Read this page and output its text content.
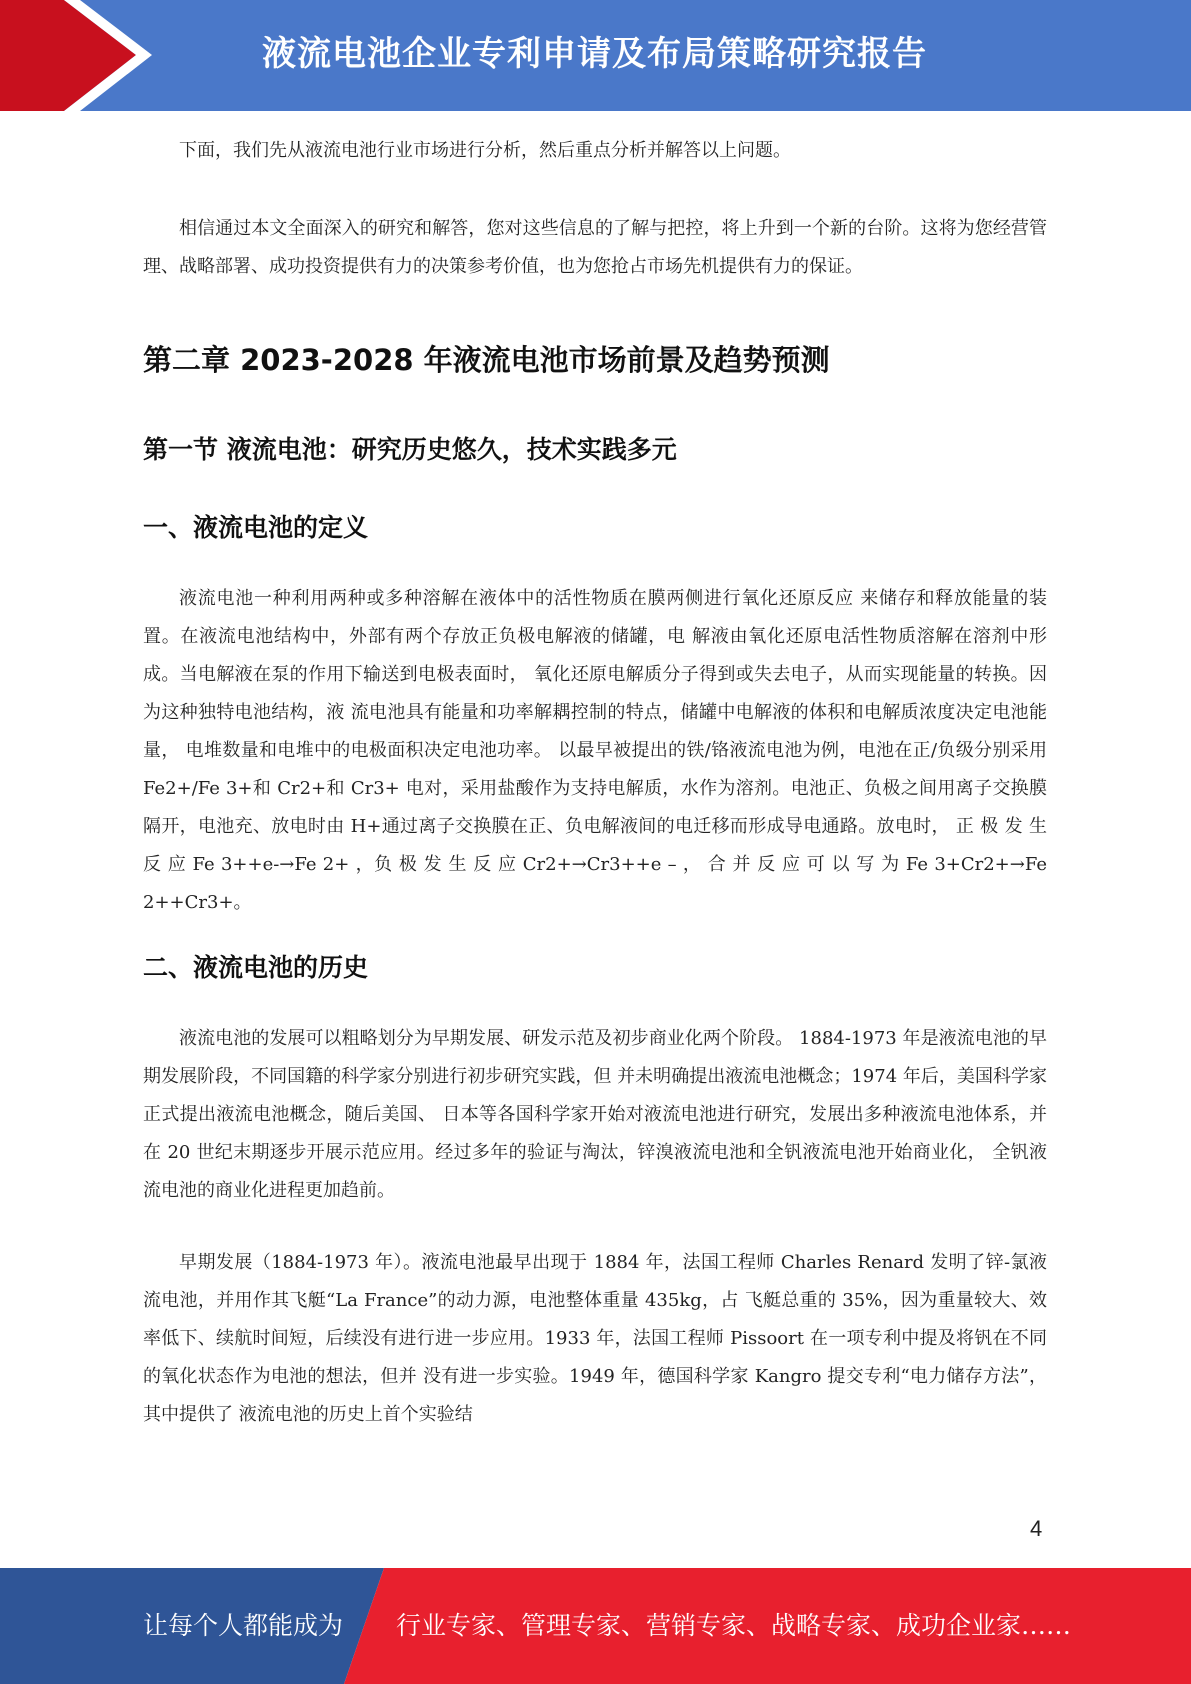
液流电池企业专利申请及布局策略研究报告

下面，我们先从液流电池行业市场进行分析，然后重点分析并解答以上问题。

相信通过本文全面深入的研究和解答，您对这些信息的了解与把控，将上升到一个新的台阶。这将为您经营管理、战略部署、成功投资提供有力的决策参考价值，也为您抢占市场先机提供有力的保证。

第二章 2023-2028 年液流电池市场前景及趋势预测
第一节 液流电池：研究历史悠久，技术实践多元
一、液流电池的定义

液流电池一种利用两种或多种溶解在液体中的活性物质在膜两侧进行氧化还原反应 来储存和释放能量的装置。在液流电池结构中，外部有两个存放正负极电解液的储罐，电 解液由氧化还原电活性物质溶解在溶剂中形成。当电解液在泵的作用下输送到电极表面时， 氧化还原电解质分子得到或失去电子，从而实现能量的转换。因为这种独特电池结构，液 流电池具有能量和功率解耦控制的特点，储罐中电解液的体积和电解质浓度决定电池能量， 电堆数量和电堆中的电极面积决定电池功率。 以最早被提出的铁/铬液流电池为例，电池在正/负级分别采用 Fe2+/Fe 3+和 Cr2+和 Cr3+ 电对，采用盐酸作为支持电解质，水作为溶剂。电池正、负极之间用离子交换膜隔开，电池充、放电时由 H+通过离子交换膜在正、负电解液间的电迁移而形成导电通路。放电时， 正 极 发 生 反 应 Fe 3++e-→Fe 2+ ，负 极 发 生 反 应 Cr2+→Cr3++e – ， 合 并 反 应 可 以 写 为 Fe 3+Cr2+→Fe 2++Cr3+。

二、液流电池的历史

液流电池的发展可以粗略划分为早期发展、研发示范及初步商业化两个阶段。 1884-1973 年是液流电池的早期发展阶段，不同国籍的科学家分别进行初步研究实践，但 并未明确提出液流电池概念；1974 年后，美国科学家正式提出液流电池概念，随后美国、 日本等各国科学家开始对液流电池进行研究，发展出多种液流电池体系，并在 20 世纪末期逐步开展示范应用。经过多年的验证与淘汰，锌溴液流电池和全钒液流电池开始商业化， 全钒液流电池的商业化进程更加趋前。

早期发展（1884-1973 年）。液流电池最早出现于 1884 年，法国工程师 Charles Renard 发明了锌-氯液流电池，并用作其飞艇“La France”的动力源，电池整体重量 435kg，占 飞艇总重的 35%，因为重量较大、效率低下、续航时间短，后续没有进行进一步应用。1933 年，法国工程师 Pissoort 在一项专利中提及将钒在不同的氧化状态作为电池的想法，但并 没有进一步实验。1949 年，德国科学家 Kangro 提交专利“电力储存方法”，其中提供了 液流电池的历史上首个实验结

4
让每个人都能成为 行业专家、管理专家、营销专家、战略专家、成功企业家……
